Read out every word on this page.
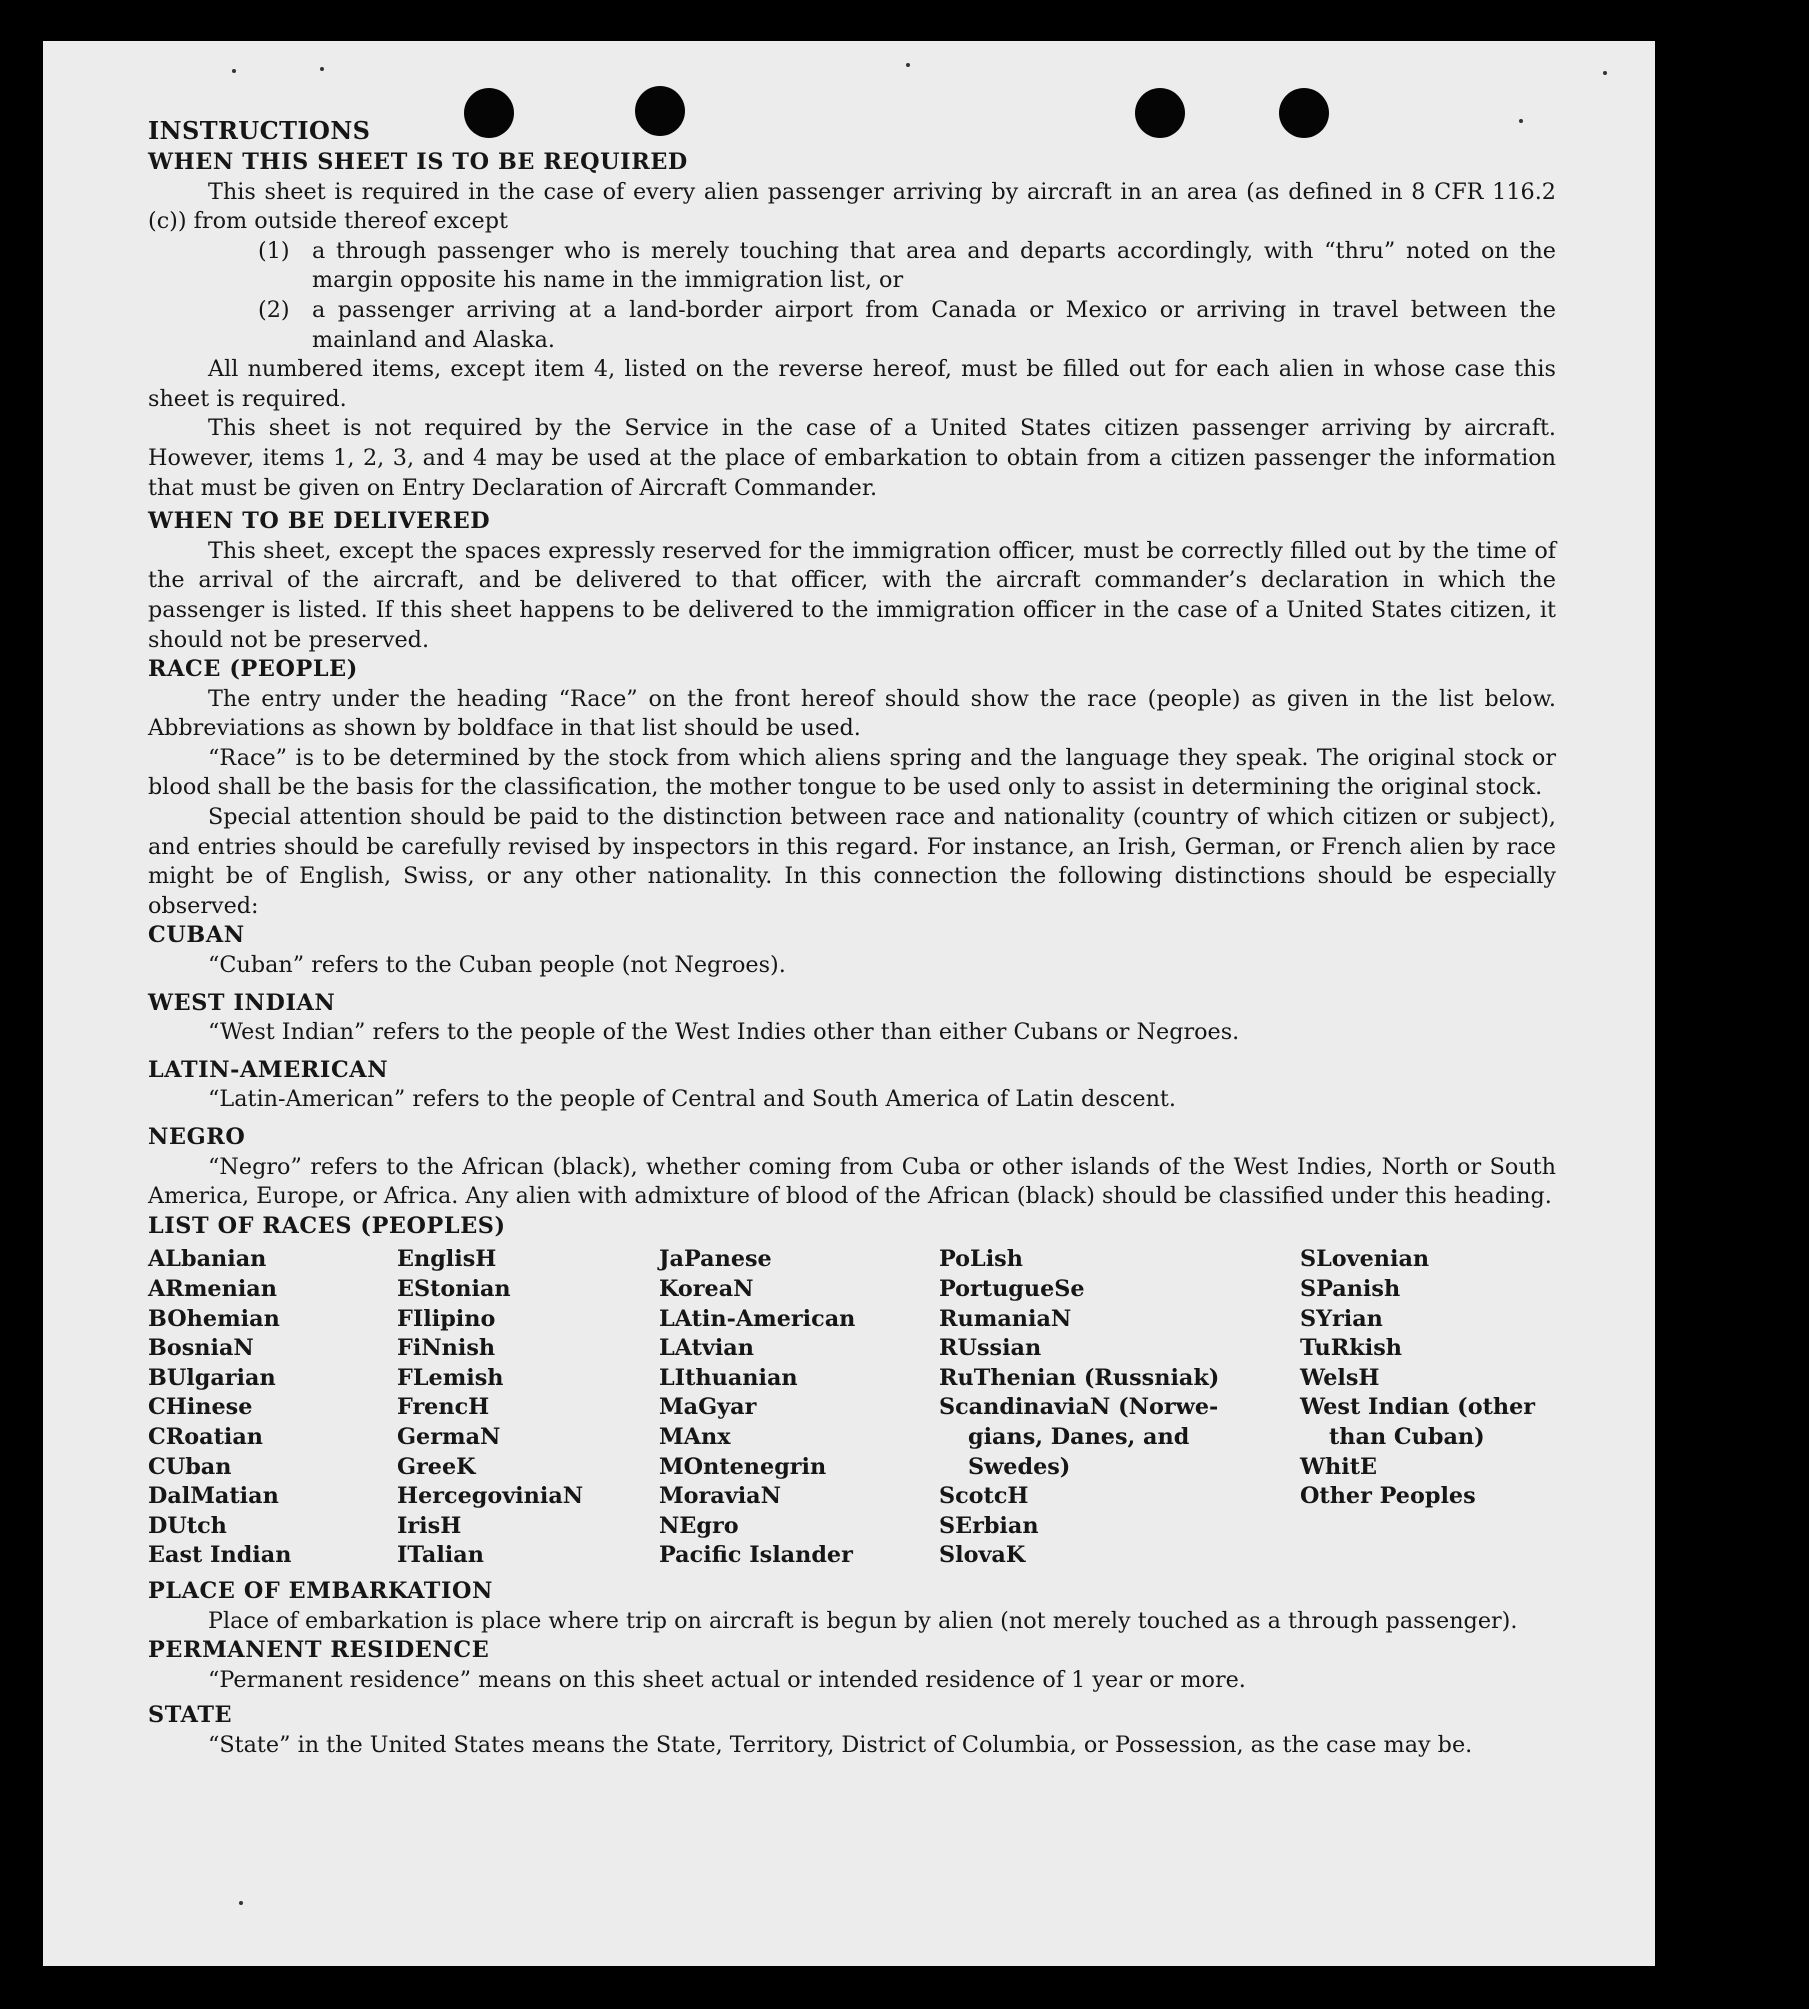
INSTRUCTIONS

WHEN THIS SHEET IS TO BE REQUIRED

This sheet is required in the case of every alien passenger arriving by aircraft in an area (as defined in 8 CFR 116.2 (c)) from outside thereof except

(1)	a through passenger who is merely touching that area and departs accordingly, with “thru” noted on the margin opposite his name in the immigration list, or
(2)	a passenger arriving at a land-border airport from Canada or Mexico or arriving in travel between the mainland and Alaska.

All numbered items, except item 4, listed on the reverse hereof, must be filled out for each alien in whose case this sheet is required.

This sheet is not required by the Service in the case of a United States citizen passenger arriving by aircraft. However, items 1, 2, 3, and 4 may be used at the place of embarkation to obtain from a citizen passenger the information that must be given on Entry Declaration of Aircraft Commander.

WHEN TO BE DELIVERED

This sheet, except the spaces expressly reserved for the immigration officer, must be correctly filled out by the time of the arrival of the aircraft, and be delivered to that officer, with the aircraft commander’s declaration in which the passenger is listed. If this sheet happens to be delivered to the immigration officer in the case of a United States citizen, it should not be preserved.

RACE (PEOPLE)

The entry under the heading “Race” on the front hereof should show the race (people) as given in the list below. Abbreviations as shown by boldface in that list should be used.

“Race” is to be determined by the stock from which aliens spring and the language they speak. The original stock or blood shall be the basis for the classification, the mother tongue to be used only to assist in determining the original stock.

Special attention should be paid to the distinction between race and nationality (country of which citizen or subject), and entries should be carefully revised by inspectors in this regard. For instance, an Irish, German, or French alien by race might be of English, Swiss, or any other nationality. In this connection the following distinctions should be especially observed:

CUBAN

“Cuban” refers to the Cuban people (not Negroes).

WEST INDIAN

“West Indian” refers to the people of the West Indies other than either Cubans or Negroes.

LATIN-AMERICAN

“Latin-American” refers to the people of Central and South America of Latin descent.

NEGRO

“Negro” refers to the African (black), whether coming from Cuba or other islands of the West Indies, North or South America, Europe, or Africa. Any alien with admixture of blood of the African (black) should be classified under this heading.

LIST OF RACES (PEOPLES)

ALbanian
ARmenian
BOhemian
BosniaN
BUlgarian
CHinese
CRoatian
CUban
DalMatian
DUtch
East Indian
EnglisH
EStonian
FIlipino
FiNnish
FLemish
FrencH
GermaN
GreeK
HercegoviniaN
IrisH
ITalian
JaPanese
KoreaN
LAtin-American
LAtvian
LIthuanian
MaGyar
MAnx
MOntenegrin
MoraviaN
NEgro
Pacific Islander
PoLish
PortugueSe
RumaniaN
RUssian
RuThenian (Russniak)
ScandinaviaN (Norwe-
gians, Danes, and
Swedes)
ScotcH
SErbian
SlovaK
SLovenian
SPanish
SYrian
TuRkish
WelsH
West Indian (other
than Cuban)
WhitE
Other Peoples

PLACE OF EMBARKATION

Place of embarkation is place where trip on aircraft is begun by alien (not merely touched as a through passenger).

PERMANENT RESIDENCE

“Permanent residence” means on this sheet actual or intended residence of 1 year or more.

STATE

“State” in the United States means the State, Territory, District of Columbia, or Possession, as the case may be.
